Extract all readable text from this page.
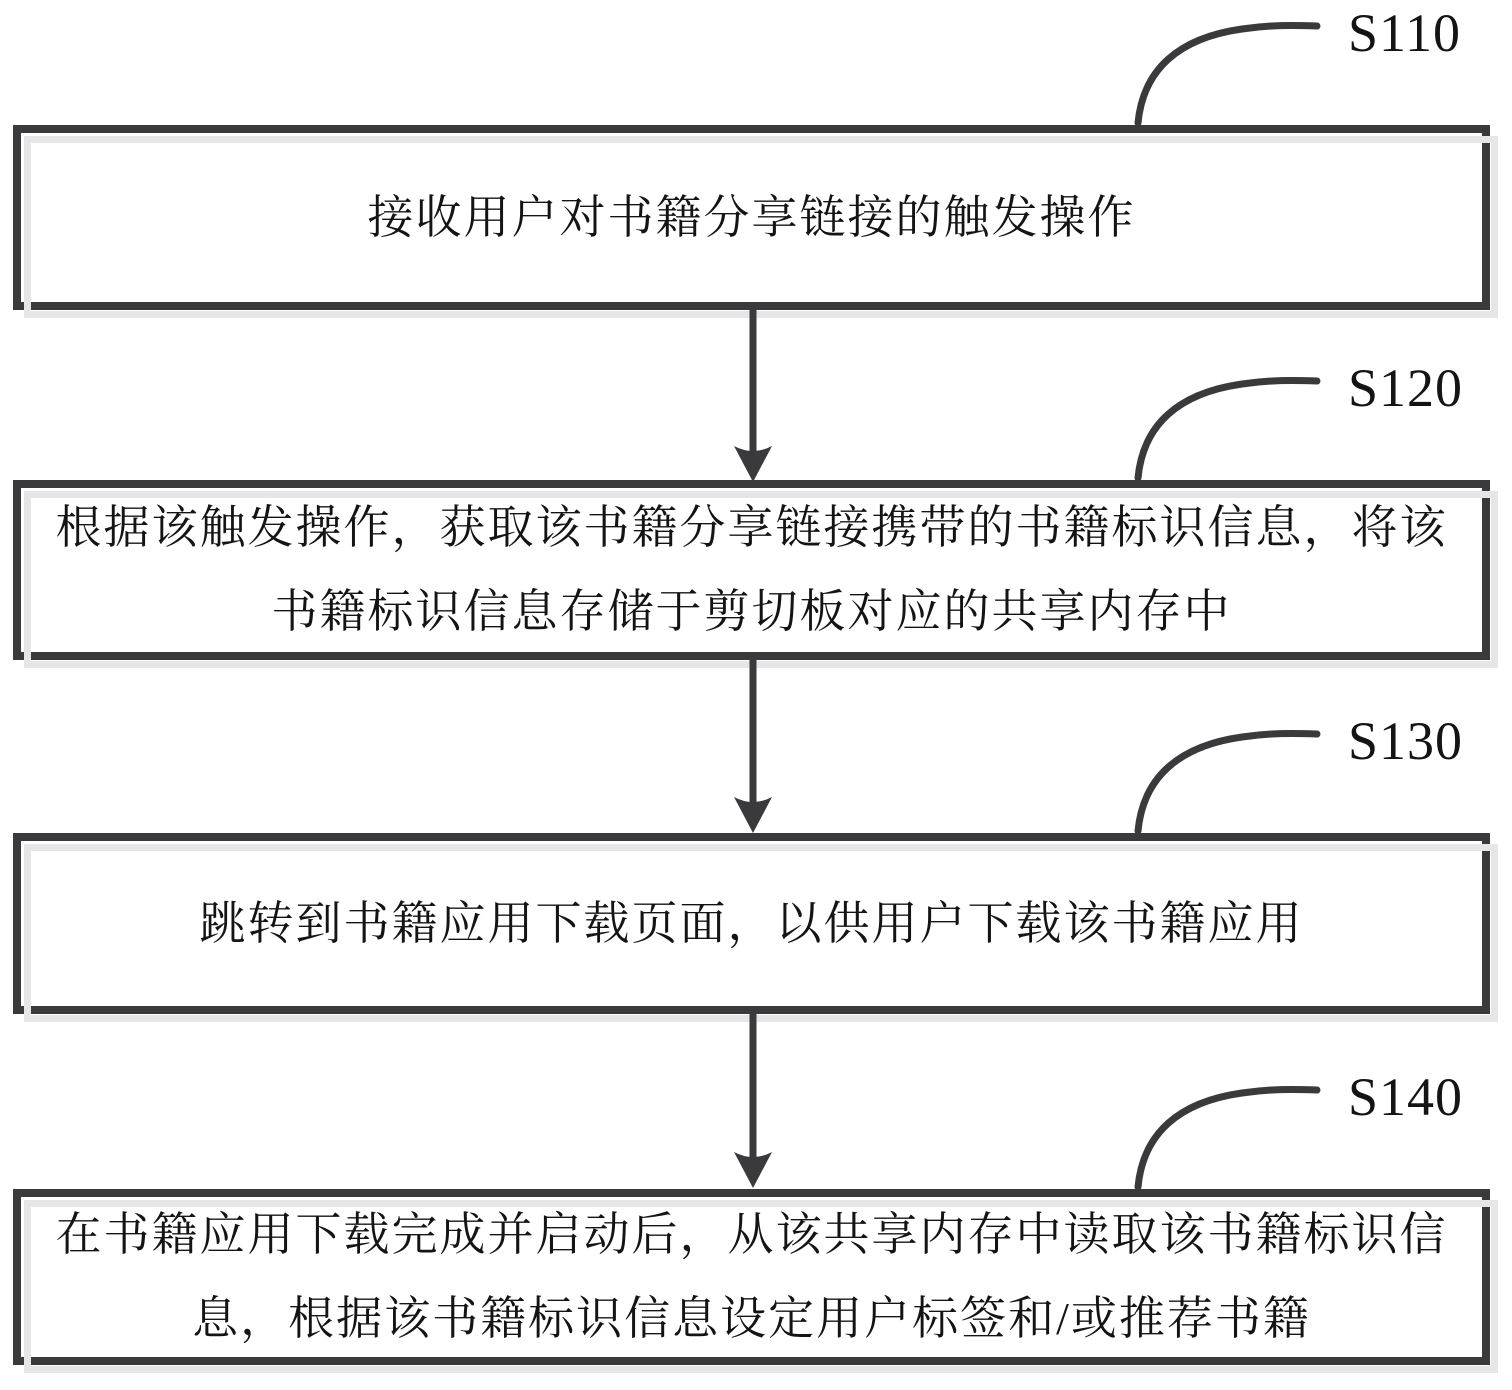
S110
S120
S130
S140
接收用户对书籍分享链接的触发操作
根据该触发操作，获取该书籍分享链接携带的书籍标识信息，将该
书籍标识信息存储于剪切板对应的共享内存中
跳转到书籍应用下载页面，以供用户下载该书籍应用
在书籍应用下载完成并启动后，从该共享内存中读取该书籍标识信
息，根据该书籍标识信息设定用户标签和/或推荐书籍
